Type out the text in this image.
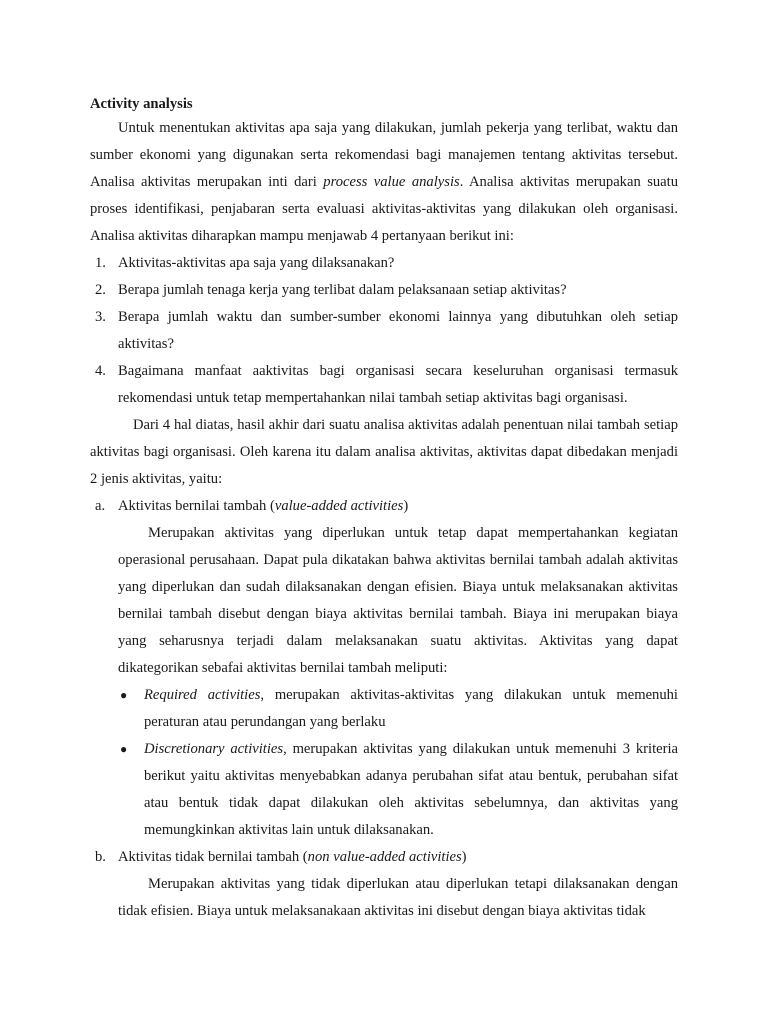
Activity analysis

Untuk menentukan aktivitas apa saja yang dilakukan, jumlah pekerja yang terlibat, waktu dan sumber ekonomi yang digunakan serta rekomendasi bagi manajemen tentang aktivitas tersebut. Analisa aktivitas merupakan inti dari process value analysis. Analisa aktivitas merupakan suatu proses identifikasi, penjabaran serta evaluasi aktivitas-aktivitas yang dilakukan oleh organisasi. Analisa aktivitas diharapkan mampu menjawab 4 pertanyaan berikut ini:

1. Aktivitas-aktivitas apa saja yang dilaksanakan?
2. Berapa jumlah tenaga kerja yang terlibat dalam pelaksanaan setiap aktivitas?
3. Berapa jumlah waktu dan sumber-sumber ekonomi lainnya yang dibutuhkan oleh setiap aktivitas?
4. Bagaimana manfaat aaktivitas bagi organisasi secara keseluruhan organisasi termasuk rekomendasi untuk tetap mempertahankan nilai tambah setiap aktivitas bagi organisasi.

Dari 4 hal diatas, hasil akhir dari suatu analisa aktivitas adalah penentuan nilai tambah setiap aktivitas bagi organisasi. Oleh karena itu dalam analisa aktivitas, aktivitas dapat dibedakan menjadi 2 jenis aktivitas, yaitu:

a. Aktivitas bernilai tambah (value-added activities)

Merupakan aktivitas yang diperlukan untuk tetap dapat mempertahankan kegiatan operasional perusahaan. Dapat pula dikatakan bahwa aktivitas bernilai tambah adalah aktivitas yang diperlukan dan sudah dilaksanakan dengan efisien. Biaya untuk melaksanakan aktivitas bernilai tambah disebut dengan biaya aktivitas bernilai tambah. Biaya ini merupakan biaya yang seharusnya terjadi dalam melaksanakan suatu aktivitas. Aktivitas yang dapat dikategorikan sebafai aktivitas bernilai tambah meliputi:

● Required activities, merupakan aktivitas-aktivitas yang dilakukan untuk memenuhi peraturan atau perundangan yang berlaku
● Discretionary activities, merupakan aktivitas yang dilakukan untuk memenuhi 3 kriteria berikut yaitu aktivitas menyebabkan adanya perubahan sifat atau bentuk, perubahan sifat atau bentuk tidak dapat dilakukan oleh aktivitas sebelumnya, dan aktivitas yang memungkinkan aktivitas lain untuk dilaksanakan.
b. Aktivitas tidak bernilai tambah (non value-added activities)

Merupakan aktivitas yang tidak diperlukan atau diperlukan tetapi dilaksanakan dengan tidak efisien. Biaya untuk melaksanakaan aktivitas ini disebut dengan biaya aktivitas tidak
